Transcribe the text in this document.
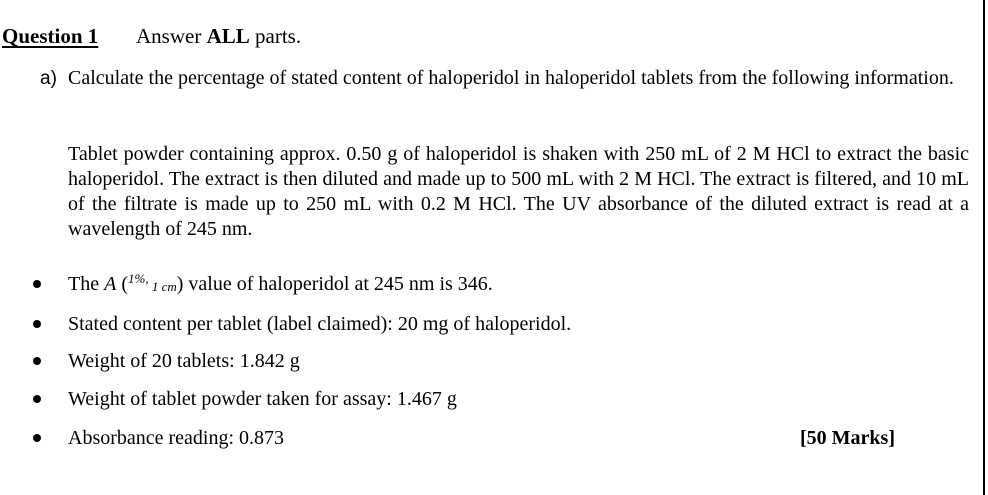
Question 1 Answer ALL parts.
a) Calculate the percentage of stated content of haloperidol in haloperidol tablets from the following information.
Tablet powder containing approx. 0.50 g of haloperidol is shaken with 250 mL of 2 M HCl to extract the basic haloperidol. The extract is then diluted and made up to 500 mL with 2 M HCl. The extract is filtered, and 10 mL of the filtrate is made up to 250 mL with 0.2 M HCl. The UV absorbance of the diluted extract is read at a wavelength of 245 nm.
The A ($^{1\%,}$ 1 cm) value of haloperidol at 245 nm is 346.
Stated content per tablet (label claimed): 20 mg of haloperidol.
Weight of 20 tablets: 1.842 g
Weight of tablet powder taken for assay: 1.467 g
Absorbance reading: 0.873	[50 Marks]
